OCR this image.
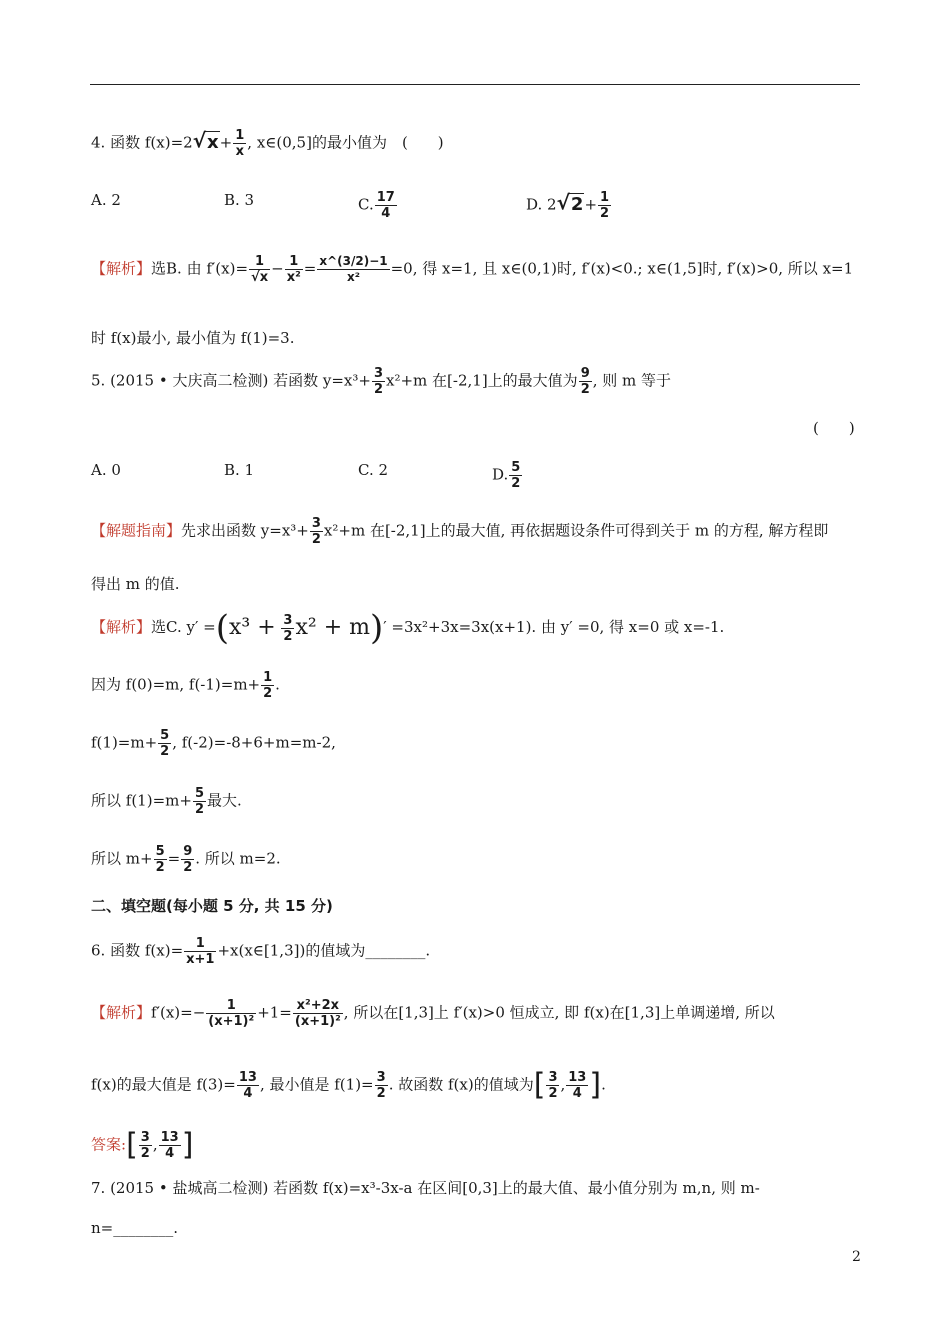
4. 函数 $f(x)=2√x+ \frac{1}{x}$ , x∈(0,5]的最小值为　(　　)
A. 2	B. 3	C. $\frac{17}{4}$	D. $2√2+ \frac{1}{2}$
【解析】选B. 由 $f'(x)= \frac{1}{√x} - \frac{1}{\text{x²}} = \frac{x\^{}(3/2)-1}{\text{x²}} =0$, 得 x=1, 且 x∈(0,1)时, f′(x)<0.; x∈(1,5]时, f′(x)>0, 所以 x=1
时 f(x)最小, 最小值为 f(1)=3.
5. (2015 • 大庆高二检测) 若函数 $y=x^3+ \frac{3}{2} x^2+m$ 在[-2,1]上的最大值为 $\frac{9}{2}$ , 则 m 等于
(　　)
A. 0	B. 1	C. 2	D. $\frac{5}{2}$
【解题指南】先求出函数 $y=x^3+ \frac{3}{2} x^2+m$ 在[-2,1]上的最大值, 再依据题设条件可得到关于 m 的方程, 解方程即
得出 m 的值.
【解析】选C. $y' =(x^3 + \frac{3}{2} x^2 + m)' =3x^2+3x=3x(x+1)$. 由 y′ =0, 得 x=0 或 x=-1.
因为 f(0)=m, $f(-1)=m+ \frac{1}{2}$ .
$f(1)=m+ \frac{5}{2}$ , f(-2)=-8+6+m=m-2,
所以 $f(1)=m+ \frac{5}{2}$ 最大.
所以 $m+ \frac{5}{2} = \frac{9}{2}$ . 所以 m=2.
二、填空题(每小题 5 分, 共 15 分)
6. 函数 $f(x)= \frac{1}{x+1}$ +x(x∈[1,3])的值域为________.
【解析】$f'(x)=- \frac{1}{\text{(x+1)²}} +1= \frac{\text{x²+2x}}{\text{(x+1)²}}$ , 所以在[1,3]上 f′(x)>0 恒成立, 即 f(x)在[1,3]上单调递增, 所以
f(x)的最大值是 $f(3)= \frac{13}{4}$ , 最小值是 $f(1)= \frac{3}{2}$ . 故函数 f(x)的值域为[ $\frac{3}{2}$ , $\frac{13}{4}$ ].
答案:[ $\frac{3}{2}$ , $\frac{13}{4}$ ]
7. (2015 • 盐城高二检测) 若函数 f(x)=x³-3x-a 在区间[0,3]上的最大值、最小值分别为 m,n, 则 m-
n=________.
2
